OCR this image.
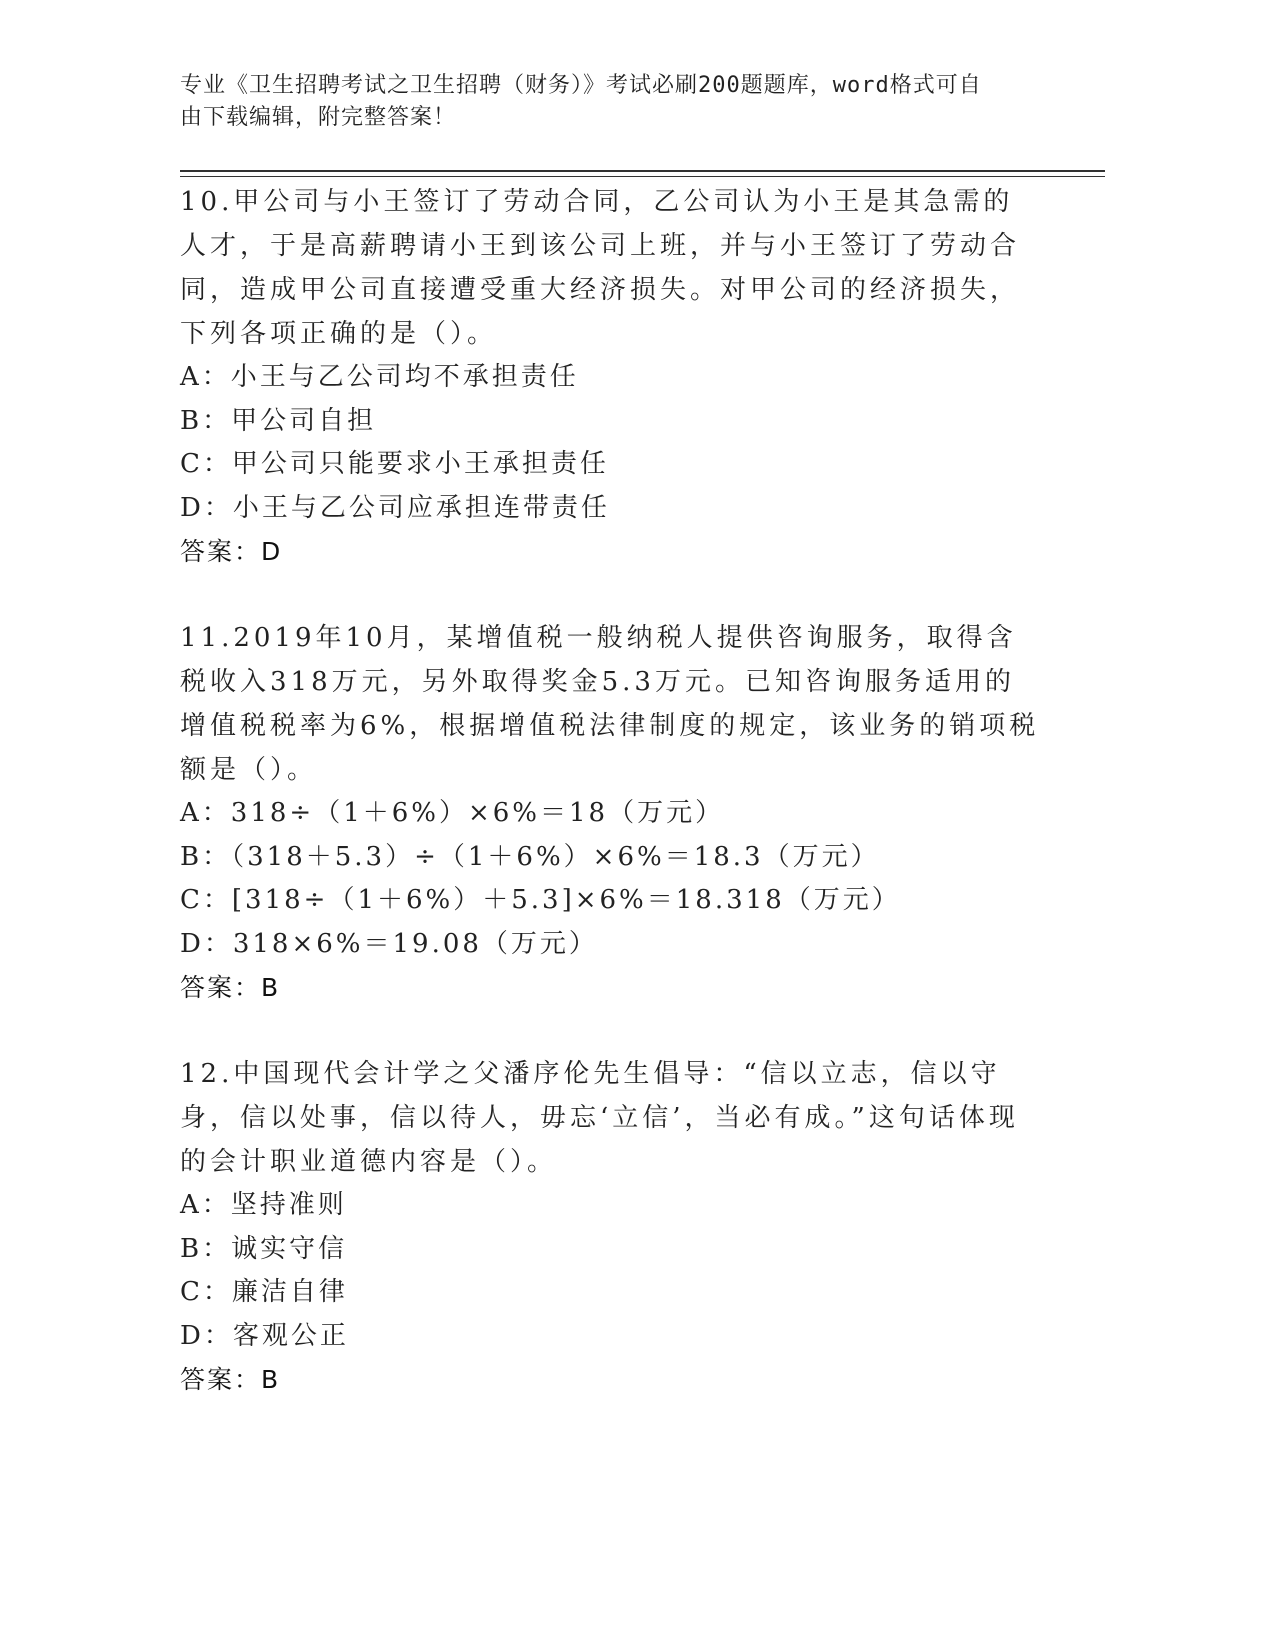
专业《卫生招聘考试之卫生招聘（财务）》考试必刷200题题库，word格式可自
由下载编辑，附完整答案！

10.甲公司与小王签订了劳动合同，乙公司认为小王是其急需的人才，于是高薪聘请小王到该公司上班，并与小王签订了劳动合同，造成甲公司直接遭受重大经济损失。对甲公司的经济损失，下列各项正确的是（）。

A：小王与乙公司均不承担责任

B：甲公司自担

C：甲公司只能要求小王承担责任

D：小王与乙公司应承担连带责任

答案：D

11.2019年10月，某增值税一般纳税人提供咨询服务，取得含税收入318万元，另外取得奖金5.3万元。已知咨询服务适用的增值税税率为6%，根据增值税法律制度的规定，该业务的销项税额是（）。

A：318÷（1＋6%）×6%＝18（万元）

B：（318＋5.3）÷（1＋6%）×6%＝18.3（万元）

C：[318÷（1＋6%）＋5.3]×6%＝18.318（万元）

D：318×6%＝19.08（万元）

答案：B

12.中国现代会计学之父潘序伦先生倡导：“信以立志，信以守身，信以处事，信以待人，毋忘‘立信’，当必有成。”这句话体现的会计职业道德内容是（）。

A：坚持准则

B：诚实守信

C：廉洁自律

D：客观公正

答案：B
